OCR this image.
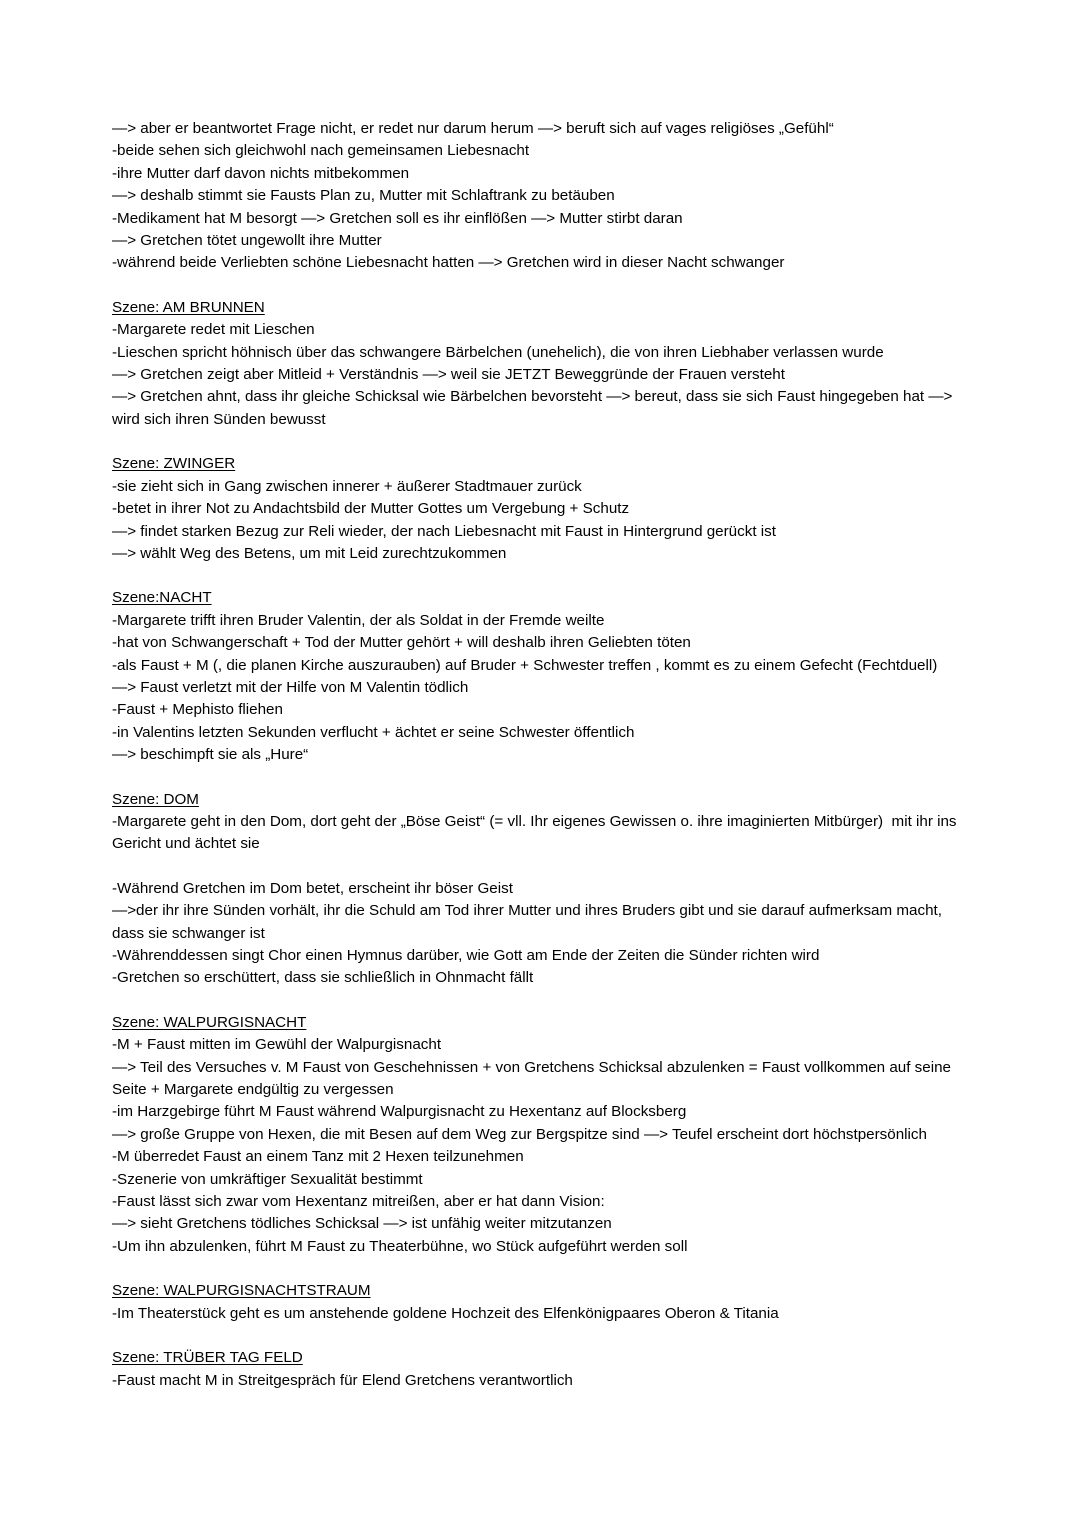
—> aber er beantwortet Frage nicht, er redet nur darum herum —> beruft sich auf vages religiöses „Gefühl“

-beide sehen sich gleichwohl nach gemeinsamen Liebesnacht

-ihre Mutter darf davon nichts mitbekommen

—> deshalb stimmt sie Fausts Plan zu, Mutter mit Schlaftrank zu betäuben

-Medikament hat M besorgt —> Gretchen soll es ihr einflößen —> Mutter stirbt daran

—> Gretchen tötet ungewollt ihre Mutter

-während beide Verliebten schöne Liebesnacht hatten —> Gretchen wird in dieser Nacht schwanger

Szene: AM BRUNNEN

-Margarete redet mit Lieschen

-Lieschen spricht höhnisch über das schwangere Bärbelchen (unehelich), die von ihren Liebhaber verlassen wurde

—> Gretchen zeigt aber Mitleid + Verständnis —> weil sie JETZT Beweggründe der Frauen versteht

—> Gretchen ahnt, dass ihr gleiche Schicksal wie Bärbelchen bevorsteht —> bereut, dass sie sich Faust hingegeben hat —> wird sich ihren Sünden bewusst

Szene: ZWINGER

-sie zieht sich in Gang zwischen innerer + äußerer Stadtmauer zurück

-betet in ihrer Not zu Andachtsbild der Mutter Gottes um Vergebung + Schutz

—> findet starken Bezug zur Reli wieder, der nach Liebesnacht mit Faust in Hintergrund gerückt ist

—> wählt Weg des Betens, um mit Leid zurechtzukommen

Szene:NACHT

-Margarete trifft ihren Bruder Valentin, der als Soldat in der Fremde weilte

-hat von Schwangerschaft + Tod der Mutter gehört + will deshalb ihren Geliebten töten

-als Faust + M (, die planen Kirche auszurauben) auf Bruder + Schwester treffen , kommt es zu einem Gefecht (Fechtduell)

—> Faust verletzt mit der Hilfe von M Valentin tödlich

-Faust + Mephisto fliehen

-in Valentins letzten Sekunden verflucht + ächtet er seine Schwester öffentlich

—> beschimpft sie als „Hure“

Szene: DOM

-Margarete geht in den Dom, dort geht der „Böse Geist“ (= vll. Ihr eigenes Gewissen o. ihre imaginierten Mitbürger)  mit ihr ins Gericht und ächtet sie

-Während Gretchen im Dom betet, erscheint ihr böser Geist

—>der ihr ihre Sünden vorhält, ihr die Schuld am Tod ihrer Mutter und ihres Bruders gibt und sie darauf aufmerksam macht, dass sie schwanger ist

-Währenddessen singt Chor einen Hymnus darüber, wie Gott am Ende der Zeiten die Sünder richten wird

-Gretchen so erschüttert, dass sie schließlich in Ohnmacht fällt

Szene: WALPURGISNACHT

-M + Faust mitten im Gewühl der Walpurgisnacht

—> Teil des Versuches v. M Faust von Geschehnissen + von Gretchens Schicksal abzulenken = Faust vollkommen auf seine Seite + Margarete endgültig zu vergessen

-im Harzgebirge führt M Faust während Walpurgisnacht zu Hexentanz auf Blocksberg

—> große Gruppe von Hexen, die mit Besen auf dem Weg zur Bergspitze sind —> Teufel erscheint dort höchstpersönlich

-M überredet Faust an einem Tanz mit 2 Hexen teilzunehmen

-Szenerie von umkräftiger Sexualität bestimmt

-Faust lässt sich zwar vom Hexentanz mitreißen, aber er hat dann Vision:

—> sieht Gretchens tödliches Schicksal —> ist unfähig weiter mitzutanzen

-Um ihn abzulenken, führt M Faust zu Theaterbühne, wo Stück aufgeführt werden soll

Szene: WALPURGISNACHTSTRAUM

-Im Theaterstück geht es um anstehende goldene Hochzeit des Elfenkönigpaares Oberon & Titania

Szene: TRÜBER TAG FELD

-Faust macht M in Streitgespräch für Elend Gretchens verantwortlich
